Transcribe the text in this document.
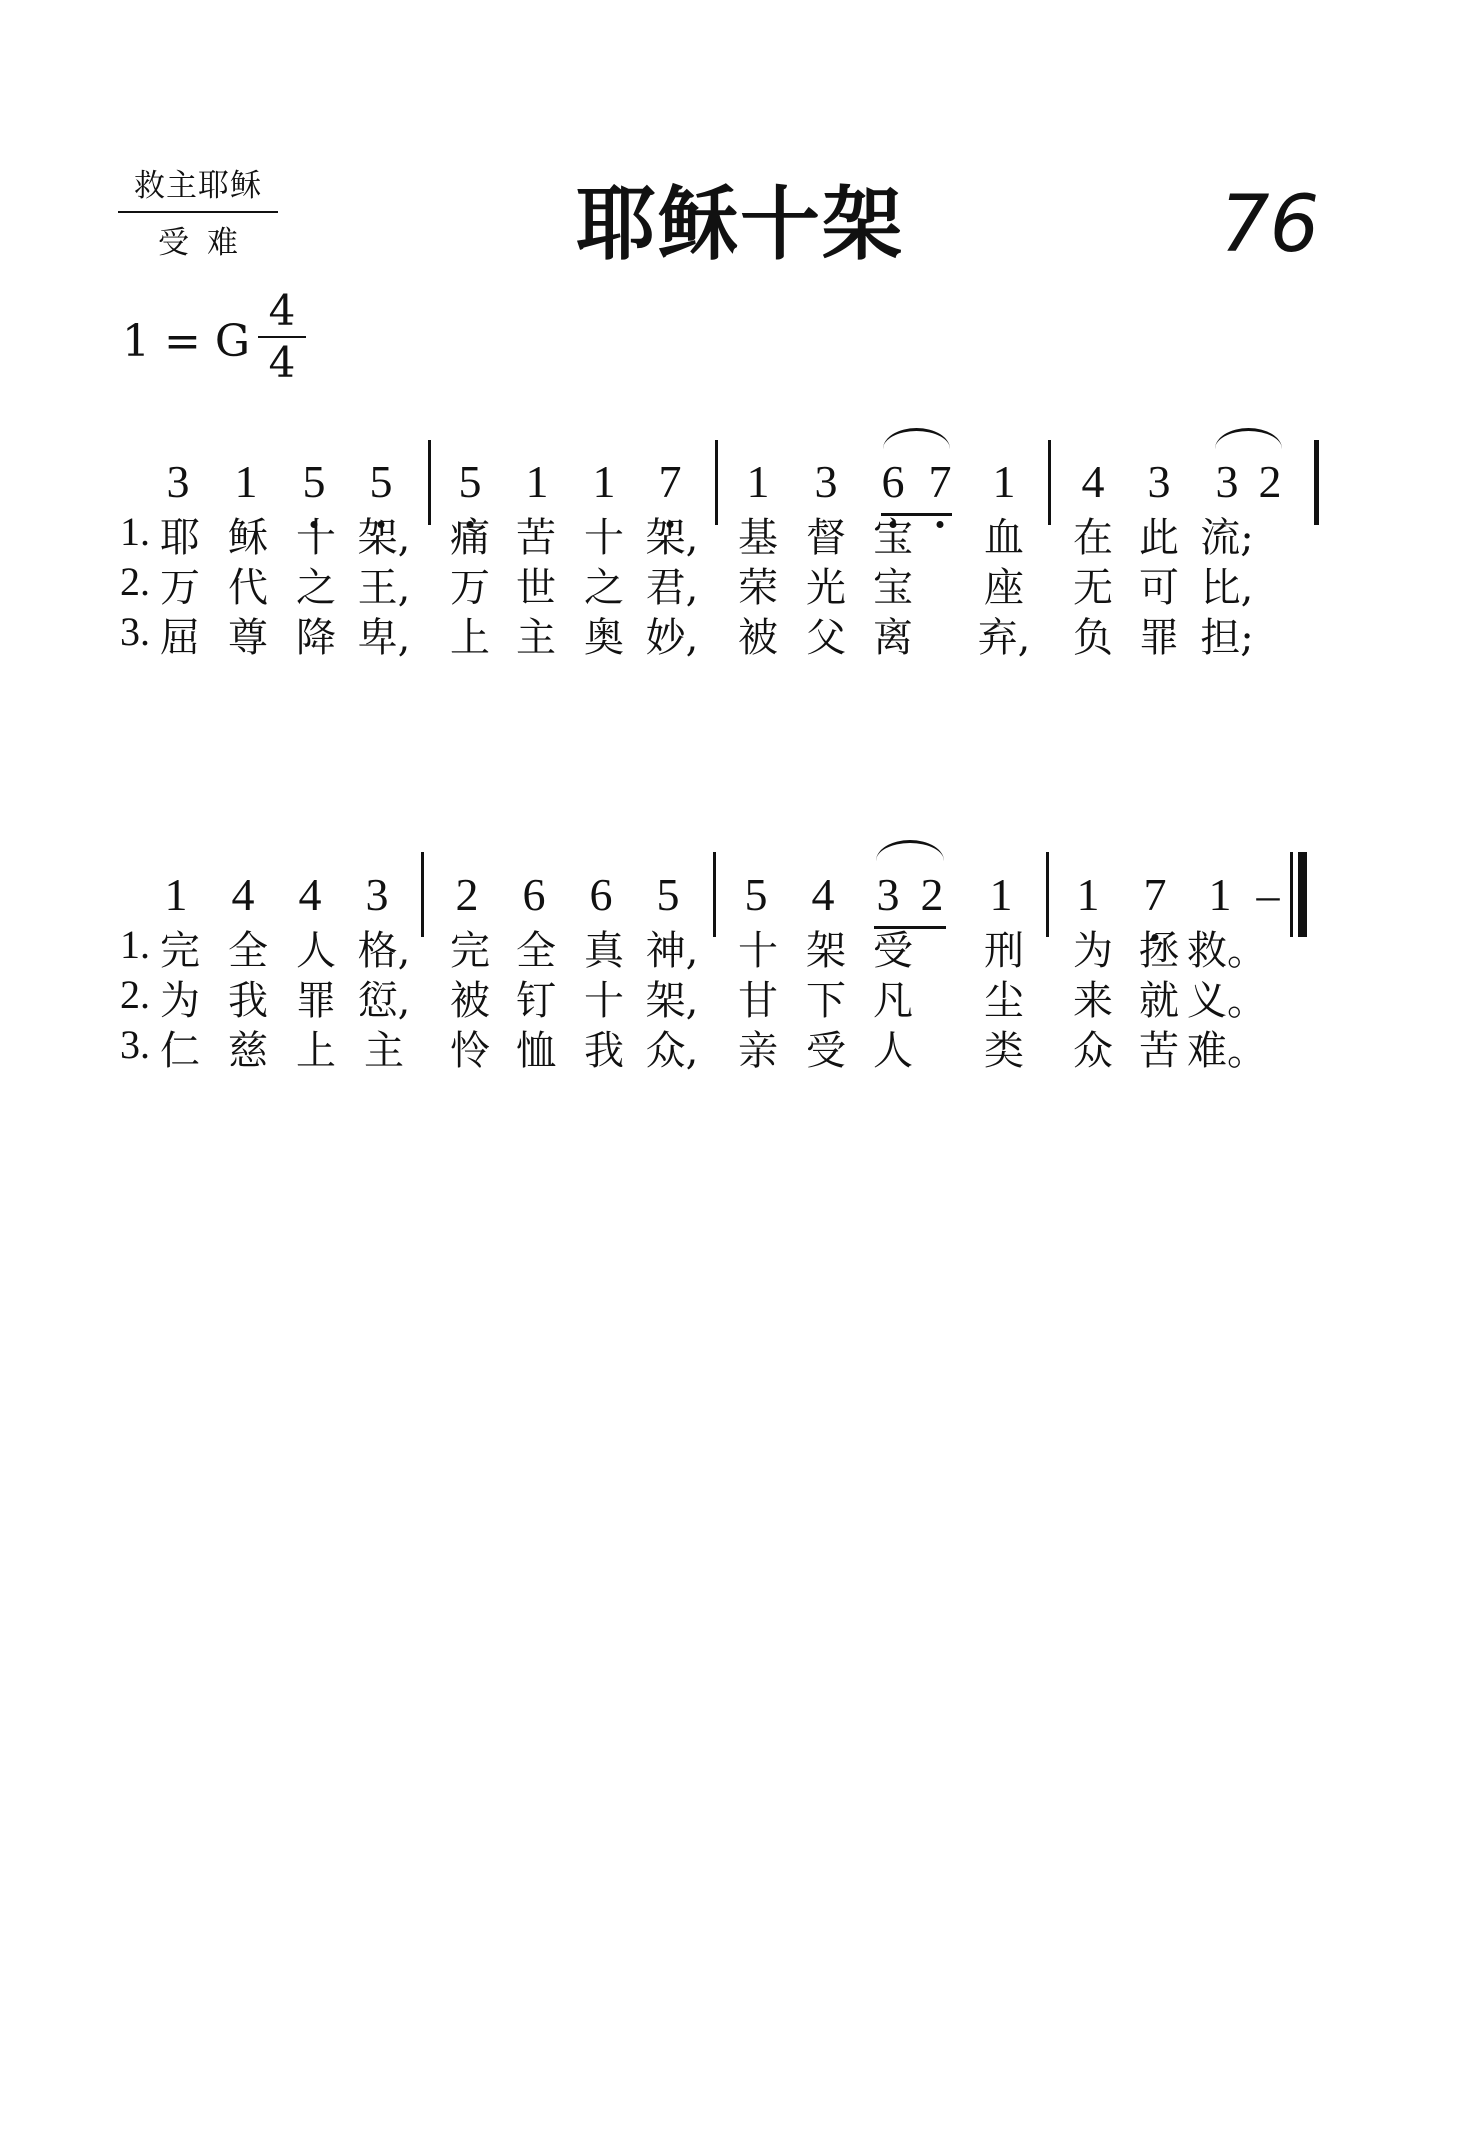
救主耶稣
受难	耶稣十架	76
1 = G
4
4
3 1 5 5 5 1 1 7 1 3 6 7 1 4 3 3 2
1. 耶 稣 十 架, 痛 苦 十 架, 基 督 宝 血 在 此 流;
2. 万 代 之 王, 万 世 之 君, 荣 光 宝 座 无 可 比,
3. 屈 尊 降 卑, 上 主 奥 妙, 被 父 离 弃, 负 罪 担;
1 4 4 3 2 6 6 5 5 4 3 2 1 1 7 1 –
1. 完 全 人 格, 完 全 真 神, 十 架 受 刑 为 拯 救。
2. 为 我 罪 愆, 被 钉 十 架, 甘 下 凡 尘 来 就 义。
3. 仁 慈 上 主 怜 恤 我 众, 亲 受 人 类 众 苦 难。
